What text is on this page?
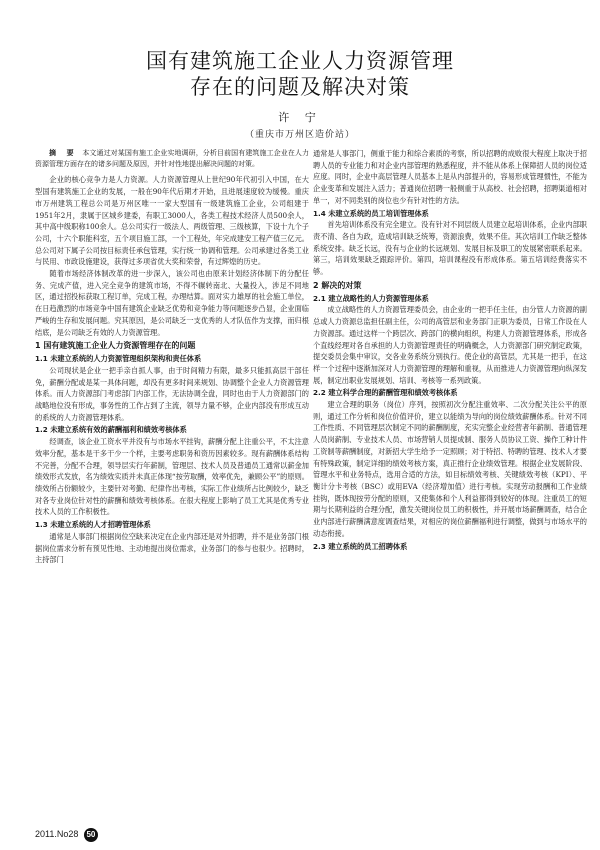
国有建筑施工企业人力资源管理
存在的问题及解决对策
许 宁
（重庆市万州区造价站）

摘 要 本文通过对某国有施工企业实地调研，分析目前国有建筑施工企业在人力资源管理方面存在的诸多问题及原因，并针对性地提出解决问题的对策。

企业的核心竞争力是人力资源。人力资源管理从上世纪90年代初引入中国，在大型国有建筑施工企业的发展，一般在90年代后期才开始，且进展速度较为缓慢。重庆市万州建筑工程总公司是万州区唯一一家大型国有一级建筑施工企业，公司组建于1951年2月，隶属于区城乡建委，有职工3000人，各类工程技术经济人员500余人，其中高中级职称100余人。总公司实行一级法人、两级管理、三级核算，下设十九个子公司，十六个职能科室，五个项目施工部，一个工程处，年完成建安工程产值三亿元。总公司对下属子公司按目标责任承包管理，实行统一协调和管理。公司承建过各类工业与民用、市政设施建设，获得过多项省优大奖和荣誉，有过辉煌的历史。

随着市场经济体制改革的进一步深入，该公司也由原来计划经济体制下的分配任务、完成产值，进入完全竞争的建筑市场，不得不辗转南北、大量投入，涉足不同地区，通过招投标获取工程订单，完成工程，办理结算。面对实力雄厚的社会施工单位，在日趋激烈的市场竞争中国有建筑企业缺乏优势和竞争能力等问题逐步凸显，企业面临严峻的生存和发展问题。究其原因，是公司缺乏一支优秀的人才队伍作为支撑，而归根结底，是公司缺乏有效的人力资源管理。

1 国有建筑施工企业人力资源管理存在的问题
1.1 未建立系统的人力资源管理组织架构和责任体系

公司现状是企业一把手亲自抓人事，由于时间精力有限，最多只能抓高层干部任免，薪酬分配或是某一具体问题，却没有更多时间来规划、协调整个企业人力资源管理体系。而人力资源部门考虑部门内部工作，无法协调全盘，同时也由于人力资源部门的战略地位没有形成，事务性的工作占到了主流，领导力量不够，企业内部没有形成互动的系统的人力资源管理体系。

1.2 未建立系统有效的薪酬福利和绩效考核体系

经调查，该企业工资水平并没有与市场水平挂钩，薪酬分配上注重公平，不太注意效率分配，基本是干多干少一个样，主要考虑职务和资历因素较多。现有薪酬体系结构不完善，分配不合理，领导层实行年薪制，管理层、技术人员及普通员工通常以薪金加绩效形式发放，名为绩效实质并未真正体现“按劳取酬，效率优先，兼顾公平”的原则。绩效所占份额较少，主要针对考勤、纪律作出考核，实际工作业绩所占比例较少，缺乏对各专业岗位针对性的薪酬和绩效考核体系。在很大程度上影响了员工尤其是优秀专业技术人员的工作积极性。

1.3 未建立系统的人才招聘管理体系

通常是人事部门根据岗位空缺来决定在企业内部还是对外招聘，并不是业务部门根据岗位需求分析有预见性地、主动地提出岗位需求，业务部门的参与也很少。招聘时，主持部门

通常是人事部门，侧重于能力和综合素质的考察，所以招聘的成败很大程度上取决于招聘人员的专业能力和对企业内部管理的熟悉程度，并不能从体系上保障招人员的岗位适应度。同时，企业中高层管理人员基本上是从内部提升的，容易形成管理惯性，不能为企业变革和发展注入活力；普通岗位招聘一般侧重于从高校、社会招聘，招聘渠道相对单一，对不同类别的岗位也少有针对性的方法。

1.4 未建立系统的员工培训管理体系

首先培训体系没有完全建立。没有针对不同层级人员建立起培训体系，企业内部职责不清、各自为政，造成培训缺乏统筹，资源浪费，效果不佳。其次培训工作缺乏整体系统安排。缺乏长远，没有与企业的长远规划、发展目标及职工的发展紧密联系起来。第三，培训效果缺乏跟踪评价。第四，培训课程没有形成体系。第五培训经费落实不够。

2 解决的对策
2.1 建立战略性的人力资源管理体系

成立战略性的人力资源管理委员会，由企业的一把手任主任，由分管人力资源的副总或人力资源总监担任副主任，公司的高管层和业务部门正职为委员，日常工作设在人力资源部。通过这样一个跨层次、跨部门的横向组织，构建人力资源管理体系，形成各个直线经理对各自承担的人力资源管理责任的明确概念，人力资源部门研究制定政策，提交委员会集中审议，交各业务系统分别执行。使企业的高管层，尤其是一把手，在这样一个过程中逐渐加深对人力资源管理的理解和重视，从而推进人力资源管理向纵深发展，制定出职业发展规划、培训、考核等一系列政策。

2.2 建立科学合理的薪酬管理和绩效考核体系

建立合理的职务（岗位）序列，按照初次分配注重效率、二次分配关注公平的原则，通过工作分析和岗位价值评价，建立以能绩为导向的岗位绩效薪酬体系。针对不同工作性质、不同管理层次制定不同的薪酬制度，充实完整企业经营者年薪制、普通管理人员岗薪制、专业技术人员、市场营销人员提成制、服务人员协议工资、操作工种计件工资制等薪酬制度，对新招大学生给予一定照顾；对于特招、特聘的管理、技术人才要有特殊政策，制定详细的绩效考核方案，真正推行企业绩效管理。根据企业发展阶段、管理水平和业务特点，选用合适的方法，如目标绩效考核、关键绩效考核（KPI）、平衡计分卡考核（BSC）或用EVA（经济增加值）进行考核。实现劳动报酬和工作业绩挂钩，既体现按劳分配的原则，又使集体和个人利益都得到较好的体现。注重员工的短期与长期利益的合理分配，激发关键岗位员工的积极性，并开展市场薪酬调查，结合企业内部进行薪酬满意度调查结果，对相应的岗位薪酬福利进行调整，做到与市场水平的动态衔接。

2.3 建立系统的员工招聘体系
2011.No28 50
